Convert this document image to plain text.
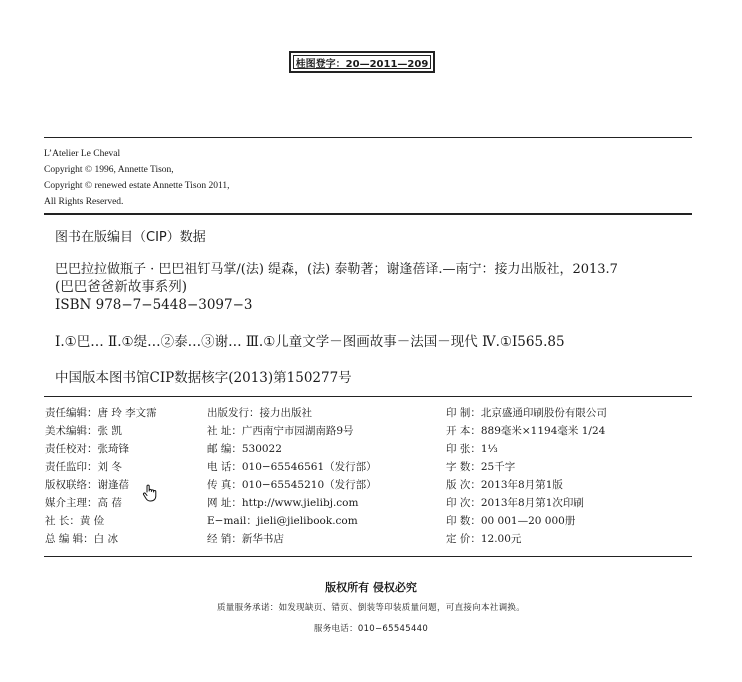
桂图登字：20—2011—209
L’Atelier Le Cheval
Copyright © 1996, Annette Tison,
Copyright © renewed estate Annette Tison 2011,
All Rights Reserved.
图书在版编目（CIP）数据
巴巴拉拉做瓶子 · 巴巴祖钉马掌/(法) 缇森，(法) 泰勒著；谢逢蓓译.—南宁：接力出版社，2013.7
(巴巴爸爸新故事系列)
ISBN 978−7−5448−3097−3
Ⅰ.①巴… Ⅱ.①缇…②泰…③谢… Ⅲ.①儿童文学－图画故事－法国－现代 Ⅳ.①I565.85
中国版本图书馆CIP数据核字(2013)第150277号
责任编辑：唐 玲 李文霈
美术编辑：张 凯
责任校对：张琦锋
责任监印：刘 冬
版权联络：谢逢蓓
媒介主理：高 蓓
社 长：黄 俭
总 编 辑：白 冰
出版发行：接力出版社
社 址：广西南宁市园湖南路9号
邮 编：530022
电 话：010−65546561（发行部）
传 真：010−65545210（发行部）
网 址：http://www.jielibj.com
E−mail：jieli@jielibook.com
经 销：新华书店
印 制：北京盛通印刷股份有限公司
开 本：889毫米×1194毫米 1/24
印 张：1⅓
字 数：25千字
版 次：2013年8月第1版
印 次：2013年8月第1次印刷
印 数：00 001—20 000册
定 价：12.00元
版权所有 侵权必究
质量服务承诺：如发现缺页、错页、倒装等印装质量问题，可直接向本社调换。
服务电话：010−65545440
